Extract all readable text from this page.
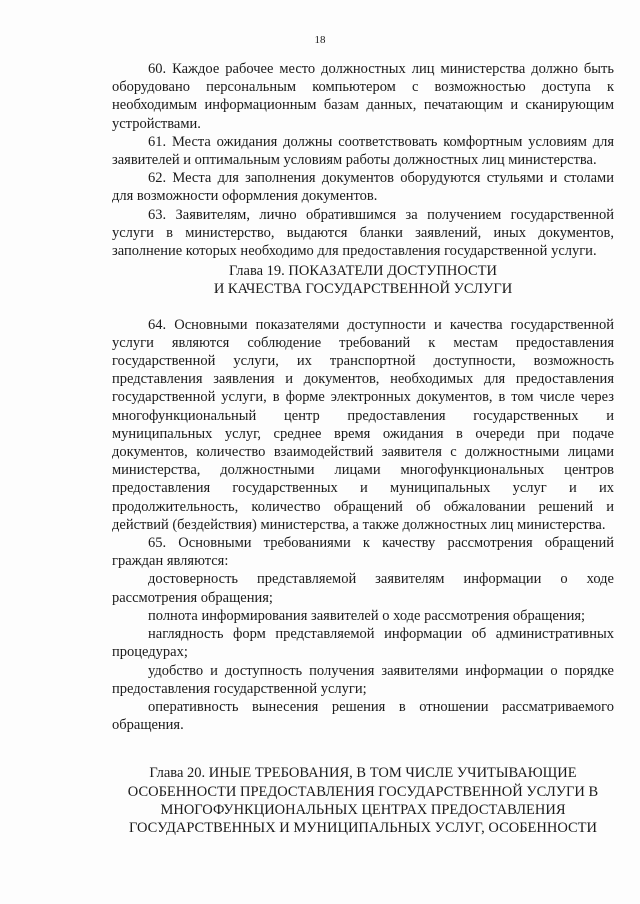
18

60. Каждое рабочее место должностных лиц министерства должно быть оборудовано персональным компьютером с возможностью доступа к необходимым информационным базам данных, печатающим и сканирующим устройствами.

61. Места ожидания должны соответствовать комфортным условиям для заявителей и оптимальным условиям работы должностных лиц министерства.

62. Места для заполнения документов оборудуются стульями и столами для возможности оформления документов.

63. Заявителям, лично обратившимся за получением государственной услуги в министерство, выдаются бланки заявлений, иных документов, заполнение которых необходимо для предоставления государственной услуги.

Глава 19. ПОКАЗАТЕЛИ ДОСТУПНОСТИ
И КАЧЕСТВА ГОСУДАРСТВЕННОЙ УСЛУГИ

64. Основными показателями доступности и качества государственной услуги являются соблюдение требований к местам предоставления государственной услуги, их транспортной доступности, возможность представления заявления и документов, необходимых для предоставления государственной услуги, в форме электронных документов, в том числе через многофункциональный центр предоставления государственных и муниципальных услуг, среднее время ожидания в очереди при подаче документов, количество взаимодействий заявителя с должностными лицами министерства, должностными лицами многофункциональных центров предоставления государственных и муниципальных услуг и их продолжительность, количество обращений об обжаловании решений и действий (бездействия) министерства, а также должностных лиц министерства.

65. Основными требованиями к качеству рассмотрения обращений граждан являются:

достоверность представляемой заявителям информации о ходе рассмотрения обращения;

полнота информирования заявителей о ходе рассмотрения обращения;

наглядность форм представляемой информации об административных процедурах;

удобство и доступность получения заявителями информации о порядке предоставления государственной услуги;

оперативность вынесения решения в отношении рассматриваемого обращения.

Глава 20. ИНЫЕ ТРЕБОВАНИЯ, В ТОМ ЧИСЛЕ УЧИТЫВАЮЩИЕ
ОСОБЕННОСТИ ПРЕДОСТАВЛЕНИЯ ГОСУДАРСТВЕННОЙ УСЛУГИ В
МНОГОФУНКЦИОНАЛЬНЫХ ЦЕНТРАХ ПРЕДОСТАВЛЕНИЯ
ГОСУДАРСТВЕННЫХ И МУНИЦИПАЛЬНЫХ УСЛУГ, ОСОБЕННОСТИ
